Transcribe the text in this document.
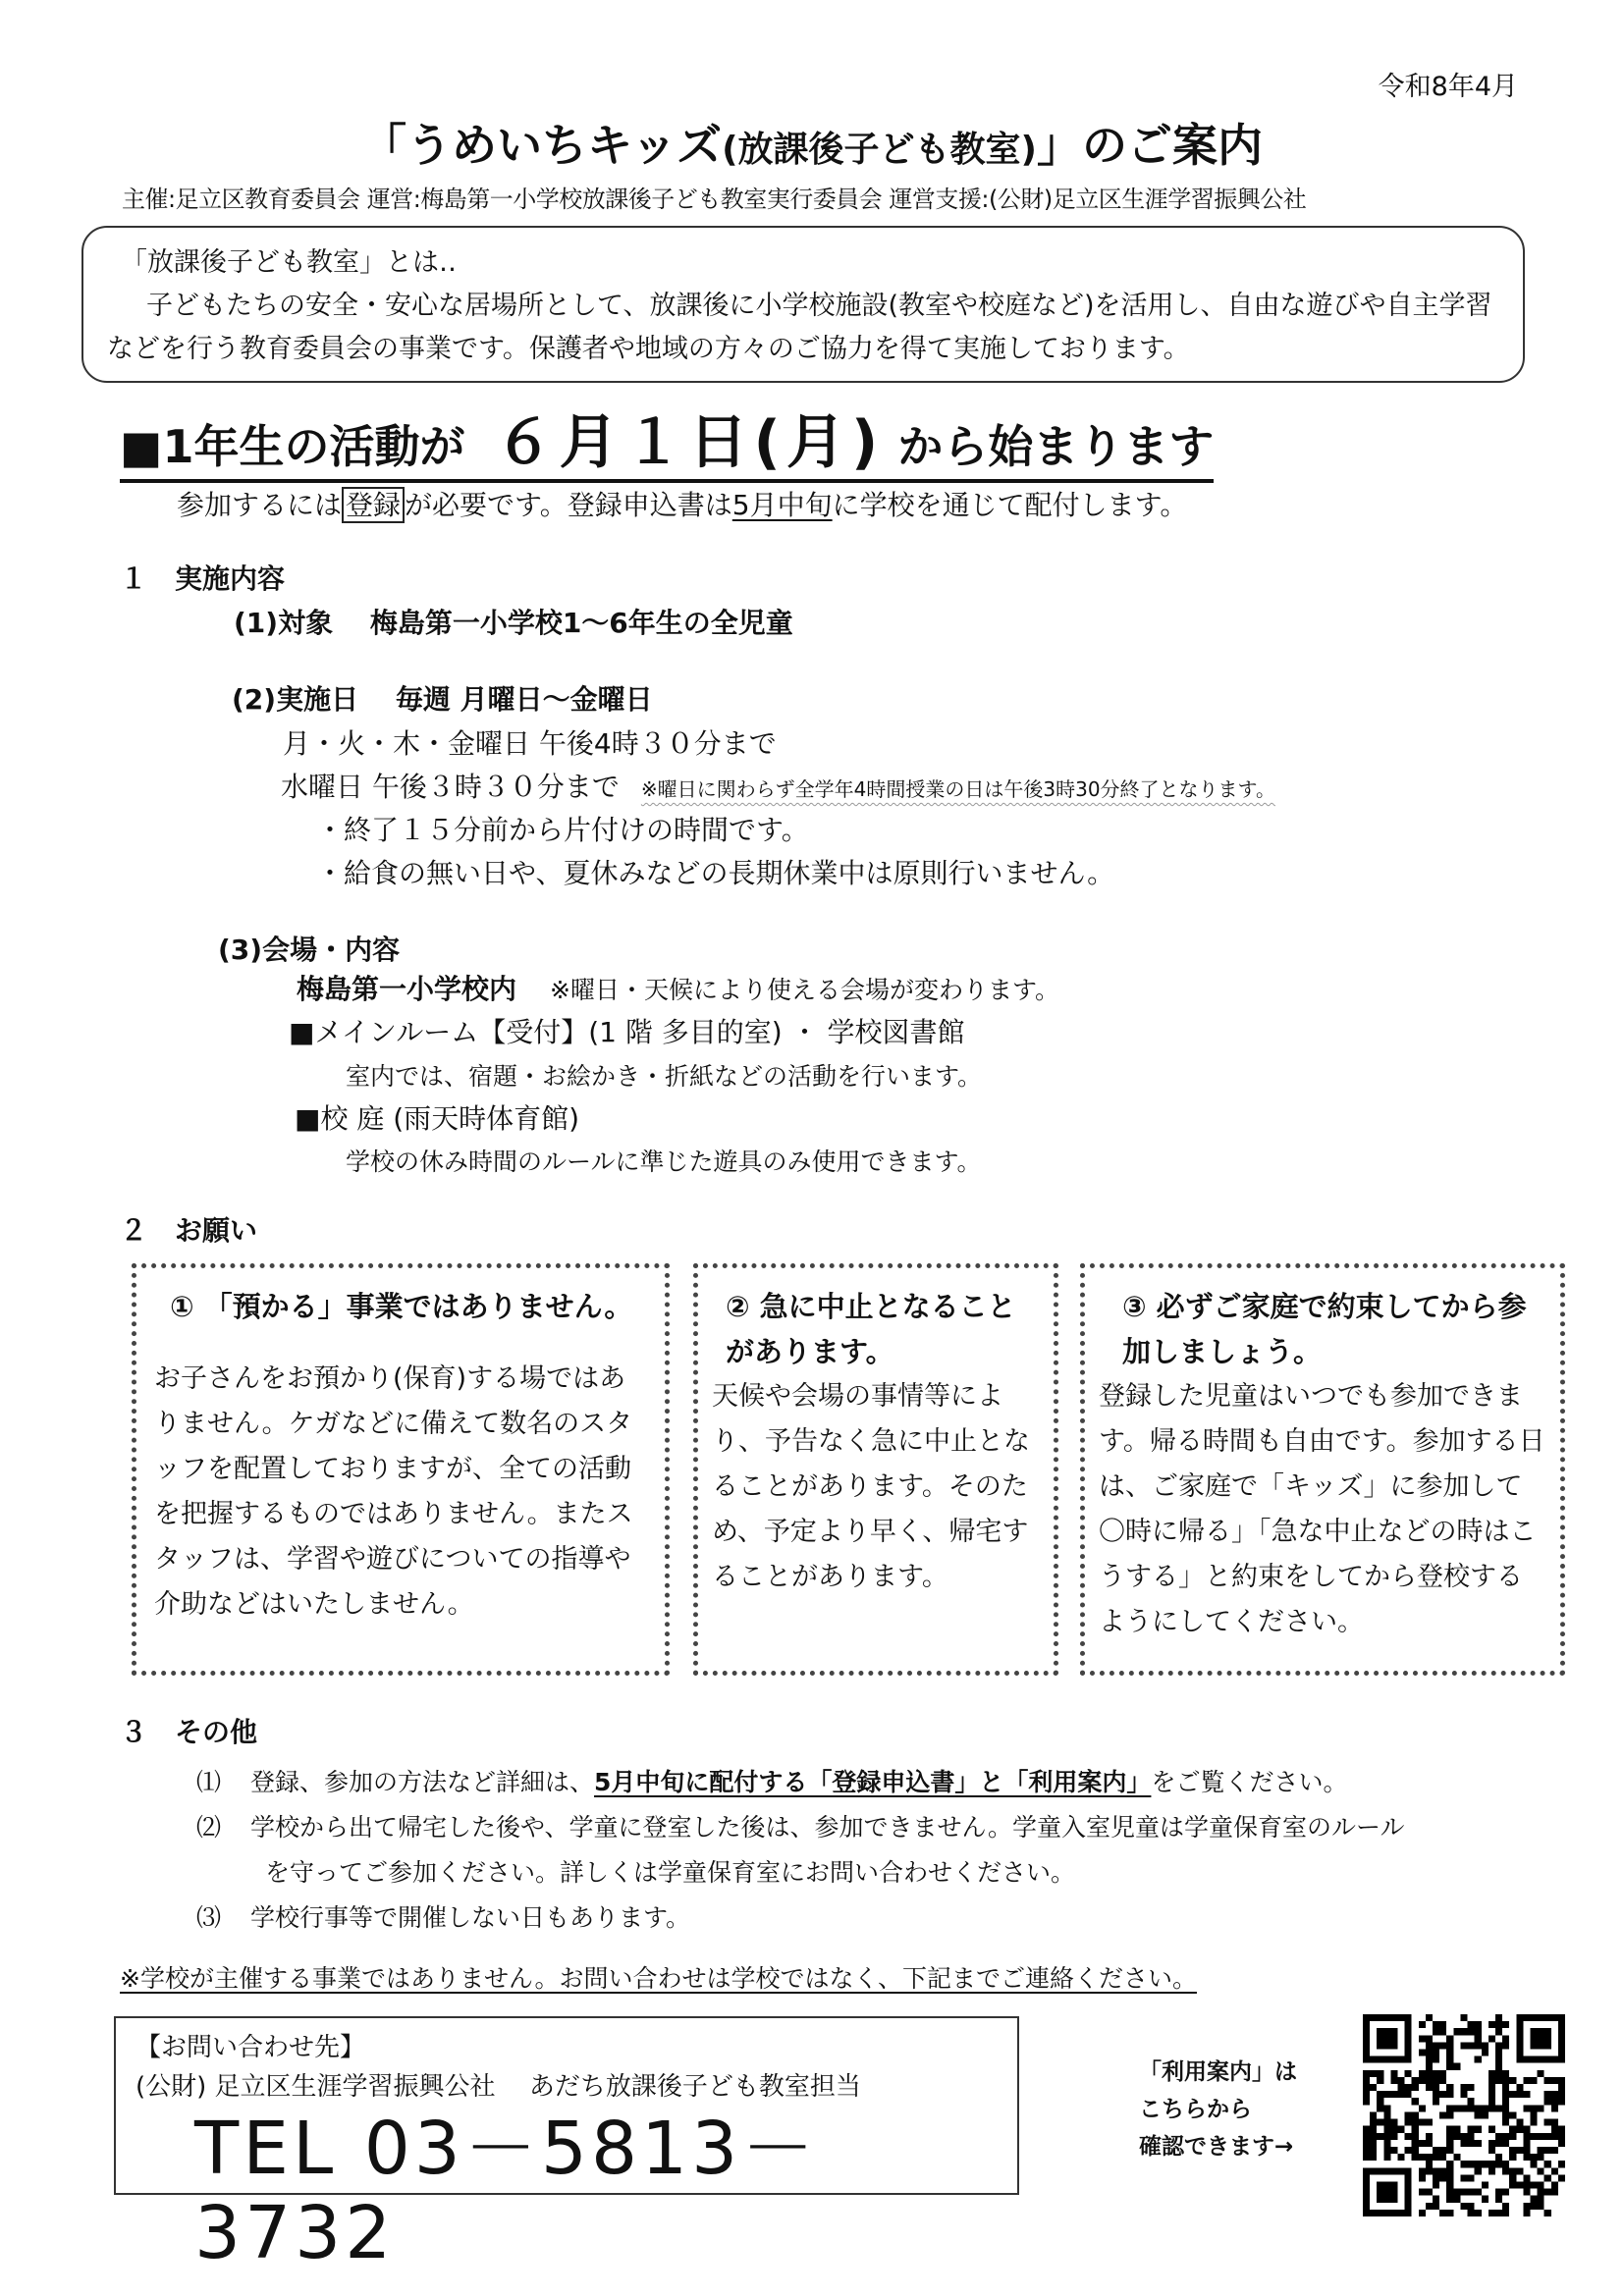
令和8年4月
「うめいちキッズ(放課後子ども教室)」のご案内
主催:足立区教育委員会 運営:梅島第一小学校放課後子ども教室実行委員会 運営支援:(公財)足立区生涯学習振興公社
「放課後子ども教室」とは‥
子どもたちの安全・安心な居場所として、放課後に小学校施設(教室や校庭など)を活用し、自由な遊びや自主学習などを行う教育委員会の事業です。保護者や地域の方々のご協力を得て実施しております。
■1年生の活動が ６月１日(月) から始まります
参加するには 登録 が必要です。登録申込書は5月中旬に学校を通じて配付します。
１　実施内容
(1)対象　 梅島第一小学校1～6年生の全児童
(2)実施日　 毎週 月曜日～金曜日
月・火・木・金曜日 午後4時３０分まで
水曜日 午後３時３０分まで ※曜日に関わらず全学年4時間授業の日は午後3時30分終了となります。
・終了１５分前から片付けの時間です。
・給食の無い日や、夏休みなどの長期休業中は原則行いません。
(3)会場・内容
梅島第一小学校内 ※曜日・天候により使える会場が変わります。
■メインルーム【受付】(1 階 多目的室) ・ 学校図書館
室内では、宿題・お絵かき・折紙などの活動を行います。
■校 庭 (雨天時体育館)
学校の休み時間のルールに準じた遊具のみ使用できます。
２　お願い
① 「預かる」事業ではありません。
お子さんをお預かり(保育)する場ではありません。ケガなどに備えて数名のスタッフを配置しておりますが、全ての活動を把握するものではありません。またスタッフは、学習や遊びについての指導や介助などはいたしません。
② 急に中止となることがあります。
天候や会場の事情等により、予告なく急に中止となることがあります。そのため、予定より早く、帰宅することがあります。
③ 必ずご家庭で約束してから参加しましょう。
登録した児童はいつでも参加できます。帰る時間も自由です。参加する日は、ご家庭で「キッズ」に参加して〇時に帰る」「急な中止などの時はこうする」と約束をしてから登校するようにしてください。
３　その他
⑴ 登録、参加の方法など詳細は、5月中旬に配付する「登録申込書」と「利用案内」をご覧ください。
⑵ 学校から出て帰宅した後や、学童に登室した後は、参加できません。学童入室児童は学童保育室のルール
を守ってご参加ください。詳しくは学童保育室にお問い合わせください。
⑶ 学校行事等で開催しない日もあります。
※学校が主催する事業ではありません。お問い合わせは学校ではなく、下記までご連絡ください。
【お問い合わせ先】
(公財) 足立区生涯学習振興公社　 あだち放課後子ども教室担当
TEL 03－5813－3732
「利用案内」は
こちらから
確認できます→
